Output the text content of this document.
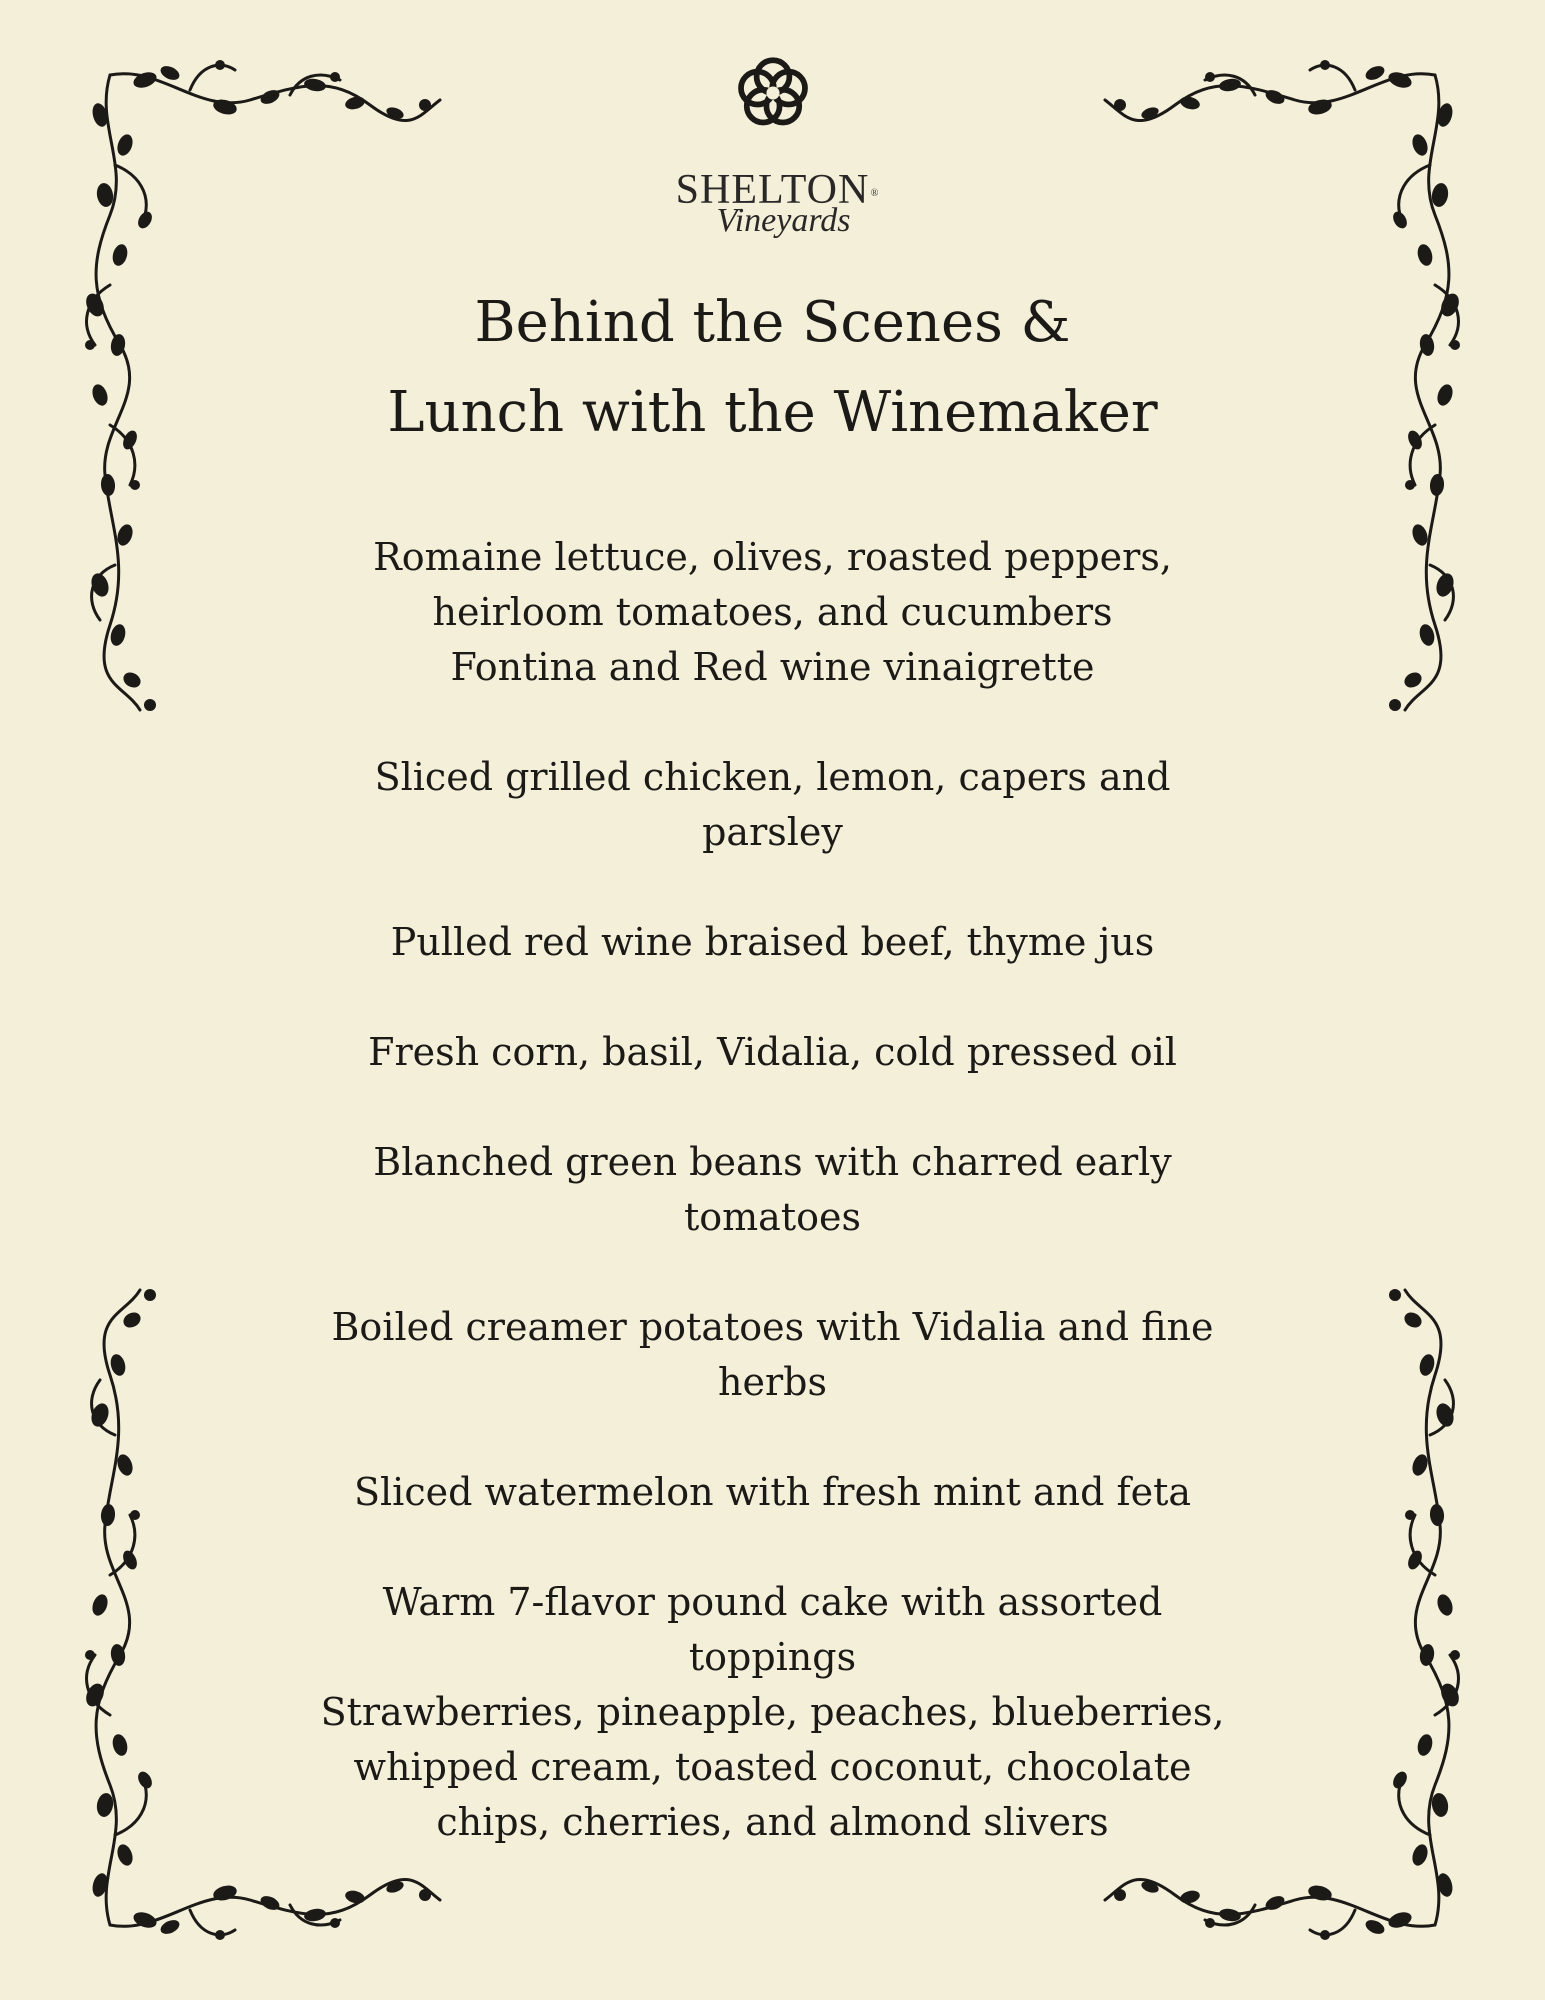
SHELTON ®
Vineyards
Behind the Scenes &
Lunch with the Winemaker
Romaine lettuce, olives, roasted peppers,
heirloom tomatoes, and cucumbers
Fontina and Red wine vinaigrette
Sliced grilled chicken, lemon, capers and
parsley
Pulled red wine braised beef, thyme jus
Fresh corn, basil, Vidalia, cold pressed oil
Blanched green beans with charred early
tomatoes
Boiled creamer potatoes with Vidalia and fine
herbs
Sliced watermelon with fresh mint and feta
Warm 7-flavor pound cake with assorted
toppings
Strawberries, pineapple, peaches, blueberries,
whipped cream, toasted coconut, chocolate
chips, cherries, and almond slivers
